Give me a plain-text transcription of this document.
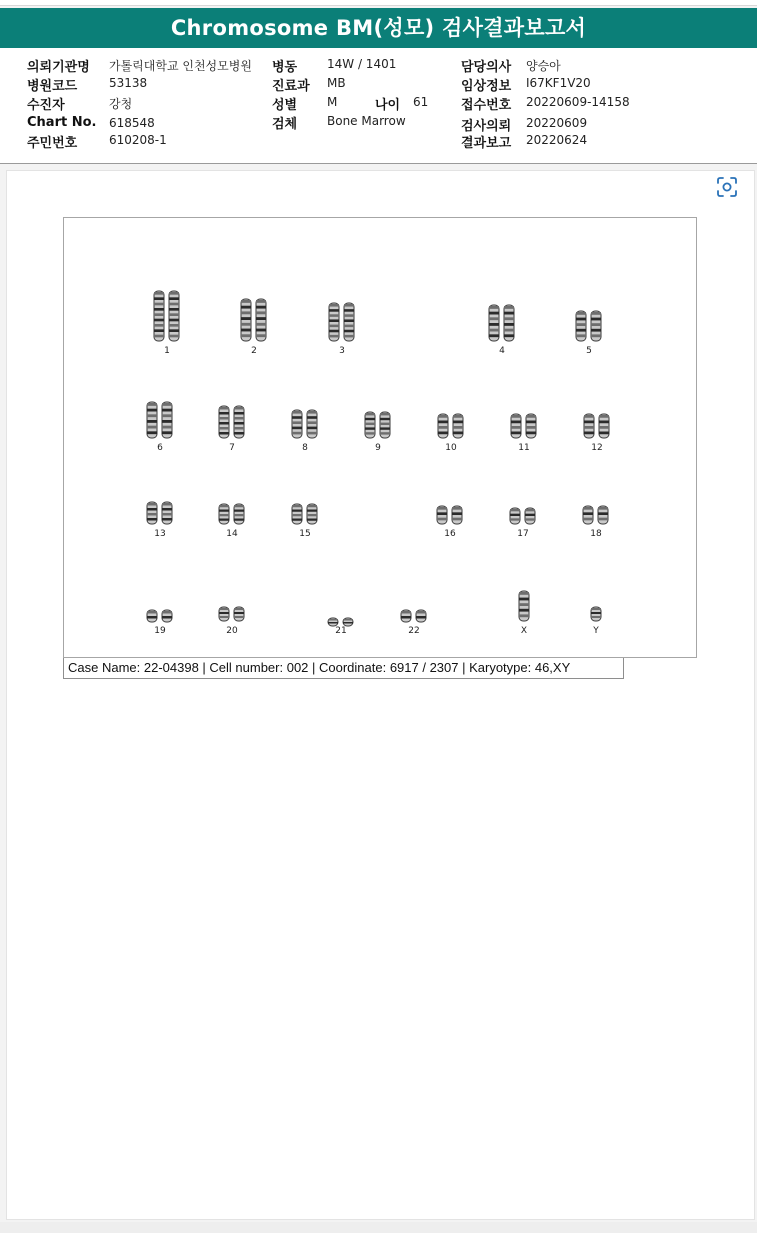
Chromosome BM(성모) 검사결과보고서
의뢰기관명 가톨릭대학교 인천성모병원
병원코드	53138
수진자	강청
Chart No. 618548
주민번호	610208-1
병동 14W / 1401
진료과 MB
성별 M	나이 61
검체 Bone Marrow
담당의사 양승아
임상정보 I67KF1V20
접수번호 20220609-14158
검사의뢰 20220609
결과보고 20220624
1	2	3	4	5
6	7	8	9	10	11	12
13	14	15	16	17	18
19	20	21	22	X	Y
Case Name: 22-04398 | Cell number: 002 | Coordinate: 6917 / 2307 | Karyotype: 46,XY
